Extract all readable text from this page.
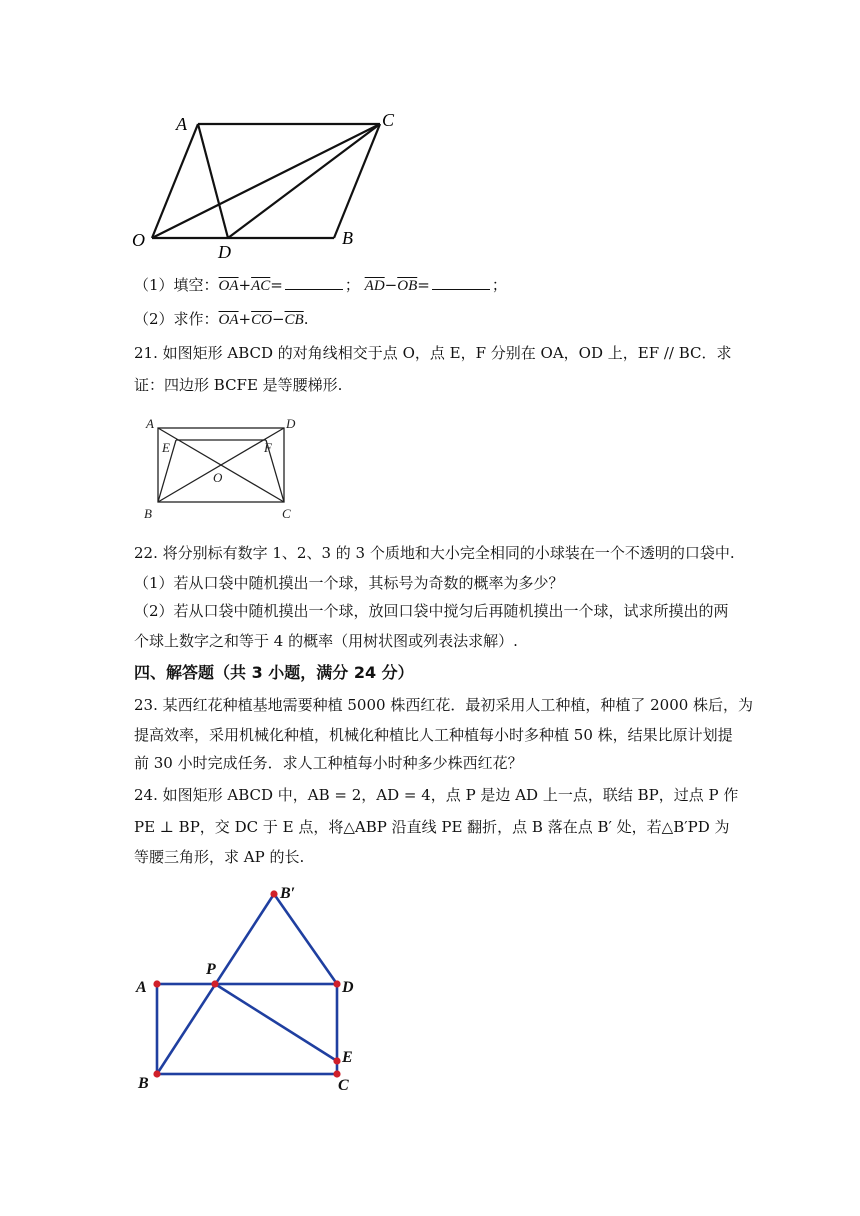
A	C
O
D
B
（1）填空：$\overline{OA}+\overline{AC}=$	； $\overline{AD}-\overline{OB}=$	；
（2）求作：$\overline{OA}+\overline{CO}-\overline{CB}$.
21. 如图矩形 ABCD 的对角线相交于点 O，点 E，F 分别在 OA，OD 上，EF // BC．求
证：四边形 BCFE 是等腰梯形.
A	D
E	F
O
B	C
22. 将分别标有数字 1、2、3 的 3 个质地和大小完全相同的小球装在一个不透明的口袋中.
（1）若从口袋中随机摸出一个球，其标号为奇数的概率为多少？
（2）若从口袋中随机摸出一个球，放回口袋中搅匀后再随机摸出一个球，试求所摸出的两
个球上数字之和等于 4 的概率（用树状图或列表法求解）.
四、解答题（共 3 小题，满分 24 分）
23. 某西红花种植基地需要种植 5000 株西红花．最初采用人工种植，种植了 2000 株后，为
提高效率，采用机械化种植，机械化种植比人工种植每小时多种植 50 株，结果比原计划提
前 30 小时完成任务．求人工种植每小时种多少株西红花？
24. 如图矩形 ABCD 中，AB = 2，AD = 4，点 P 是边 AD 上一点，联结 BP，过点 P 作
PE ⊥ BP，交 DC 于 E 点，将△ABP 沿直线 PE 翻折，点 B 落在点 B′ 处，若△B′PD 为
等腰三角形，求 AP 的长.
B′
P
A	D
E
B	C
